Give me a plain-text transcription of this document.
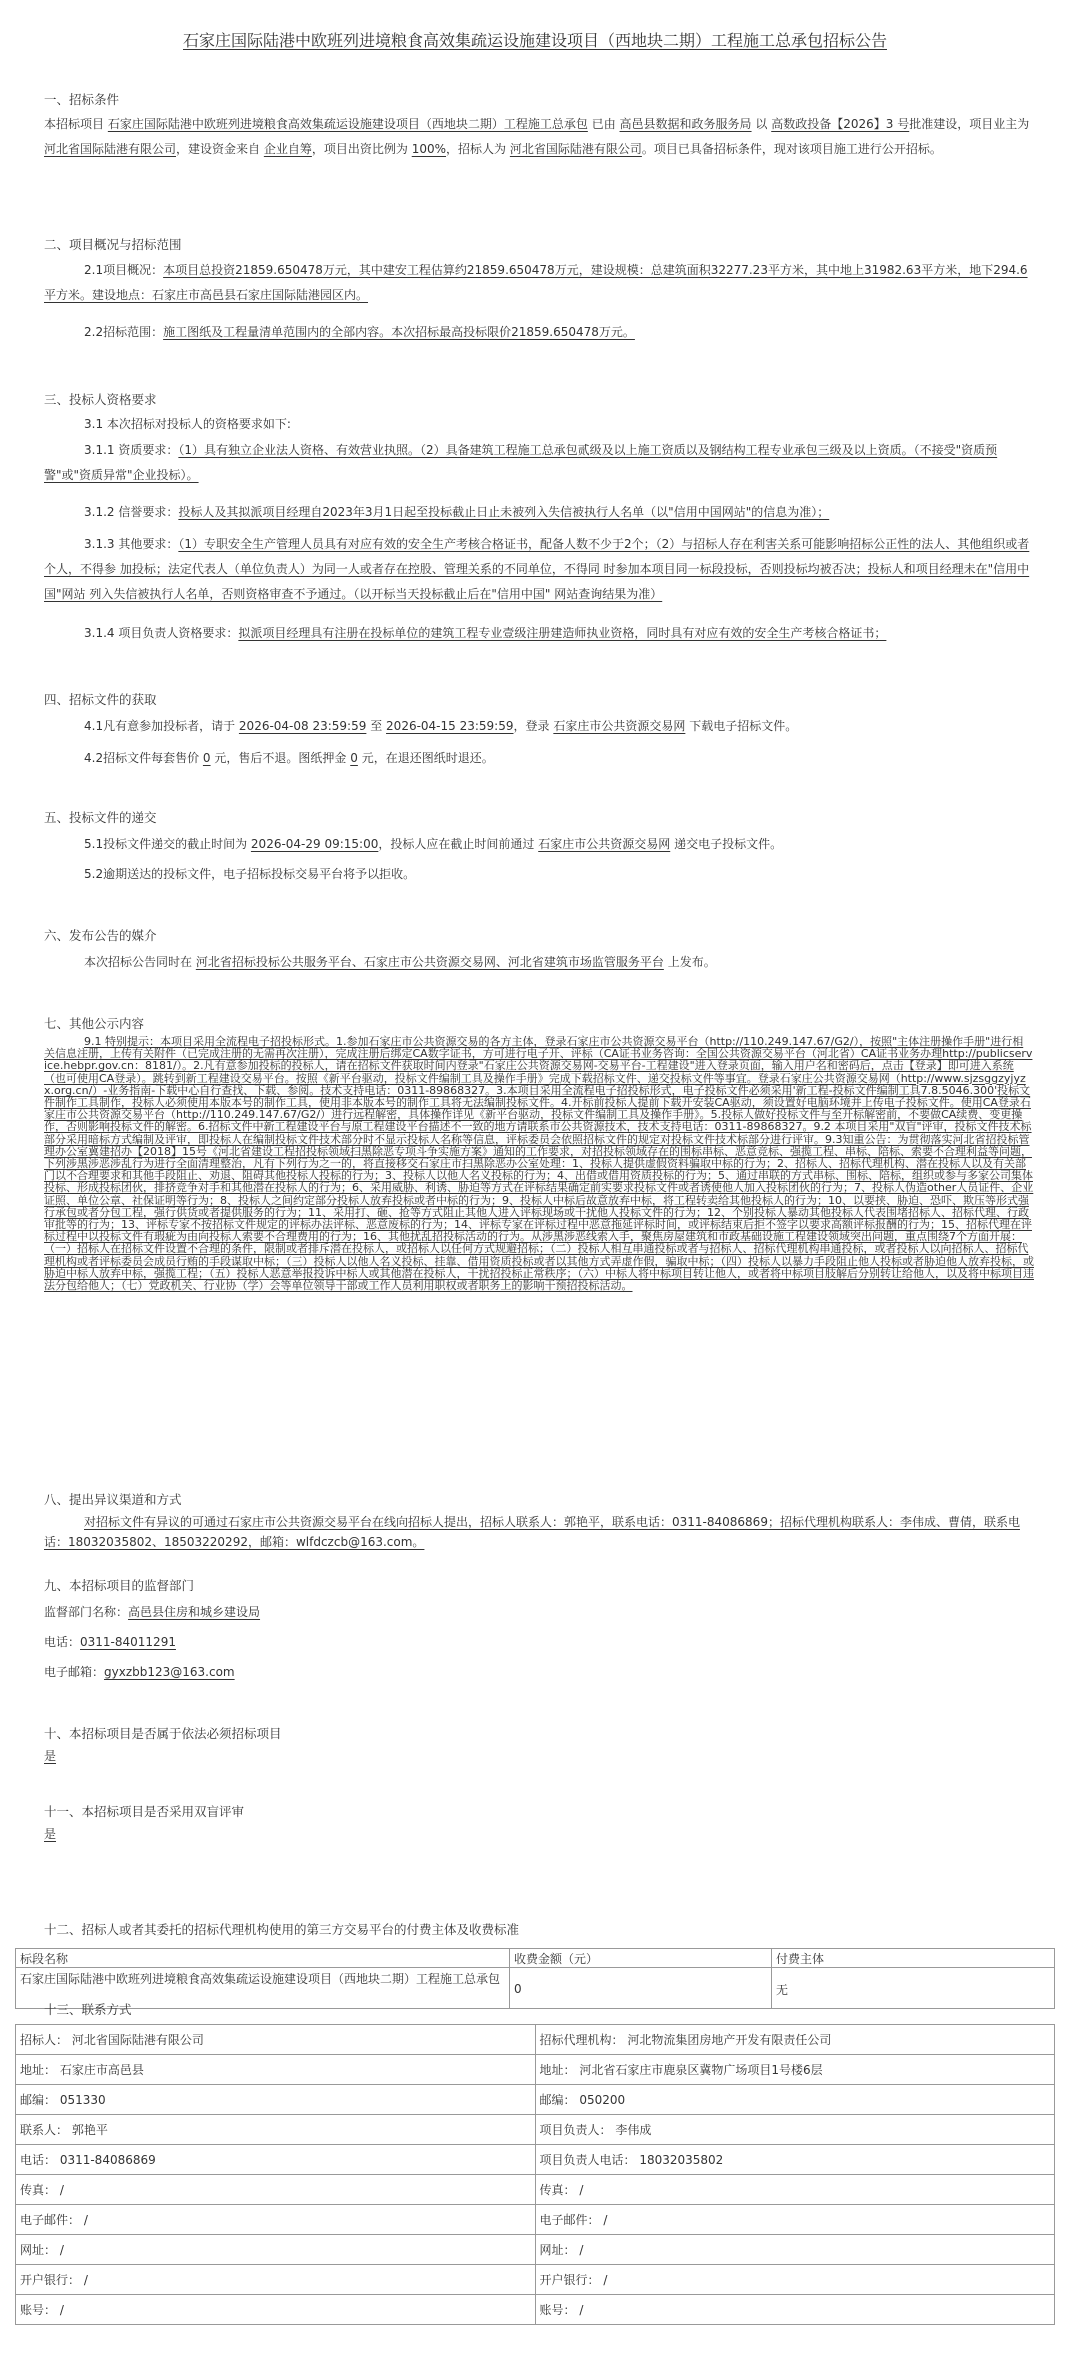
石家庄国际陆港中欧班列进境粮食高效集疏运设施建设项目（西地块二期）工程施工总承包招标公告
一、招标条件
本招标项目 石家庄国际陆港中欧班列进境粮食高效集疏运设施建设项目（西地块二期）工程施工总承包 已由 高邑县数据和政务服务局 以 高数政投备【2026】3 号批准建设，项目业主为 河北省国际陆港有限公司，建设资金来自 企业自筹，项目出资比例为 100%，招标人为 河北省国际陆港有限公司。项目已具备招标条件，现对该项目施工进行公开招标。
二、项目概况与招标范围
2.1项目概况：本项目总投资21859.650478万元，其中建安工程估算约21859.650478万元，建设规模：总建筑面积32277.23平方米，其中地上31982.63平方米，地下294.6平方米。建设地点：石家庄市高邑县石家庄国际陆港园区内。
2.2招标范围：施工图纸及工程量清单范围内的全部内容。本次招标最高投标限价21859.650478万元。
三、投标人资格要求
3.1 本次招标对投标人的资格要求如下:
3.1.1 资质要求：（1）具有独立企业法人资格、有效营业执照。（2）具备建筑工程施工总承包贰级及以上施工资质以及钢结构工程专业承包三级及以上资质。（不接受"资质预警"或"资质异常"企业投标）。
3.1.2 信誉要求：投标人及其拟派项目经理自2023年3月1日起至投标截止日止未被列入失信被执行人名单（以"信用中国网站"的信息为准）；
3.1.3 其他要求：（1）专职安全生产管理人员具有对应有效的安全生产考核合格证书，配备人数不少于2个；（2）与招标人存在利害关系可能影响招标公正性的法人、其他组织或者个人，不得参 加投标；法定代表人（单位负责人）为同一人或者存在控股、管理关系的不同单位，不得同 时参加本项目同一标段投标，否则投标均被否决；投标人和项目经理未在"信用中国"网站 列入失信被执行人名单，否则资格审查不予通过。（以开标当天投标截止后在"信用中国" 网站查询结果为准）
3.1.4 项目负责人资格要求：拟派项目经理具有注册在投标单位的建筑工程专业壹级注册建造师执业资格，同时具有对应有效的安全生产考核合格证书；
四、招标文件的获取
4.1凡有意参加投标者，请于 2026-04-08 23:59:59 至 2026-04-15 23:59:59，登录 石家庄市公共资源交易网 下载电子招标文件。
4.2招标文件每套售价 0 元，售后不退。图纸押金 0 元，在退还图纸时退还。
五、投标文件的递交
5.1投标文件递交的截止时间为 2026-04-29 09:15:00，投标人应在截止时间前通过 石家庄市公共资源交易网 递交电子投标文件。
5.2逾期送达的投标文件，电子招标投标交易平台将予以拒收。
六、发布公告的媒介
本次招标公告同时在 河北省招标投标公共服务平台、石家庄市公共资源交易网、河北省建筑市场监管服务平台 上发布。
七、其他公示内容
9.1 特别提示：本项目采用全流程电子招投标形式。1.参加石家庄市公共资源交易的各方主体，登录石家庄市公共资源交易平台（http://110.249.147.67/G2/），按照"主体注册操作手册"进行相关信息注册，上传有关附件（已完成注册的无需再次注册），完成注册后绑定CA数字证书，方可进行电子开、评标（CA证书业务咨询：全国公共资源交易平台（河北省）CA证书业务办理http://publicservice.hebpr.gov.cn：8181/）。2.凡有意参加投标的投标人，请在招标文件获取时间内登录"石家庄公共资源交易网-交易平台-工程建设"进入登录页面，输入用户名和密码后，点击【登录】即可进入系统（也可使用CA登录）。跳转到新工程建设交易平台。按照《新平台驱动，投标文件编制工具及操作手册》完成下载招标文件、递交投标文件等事宜。登录石家庄公共资源交易网（http://www.sjzsggzyjyzx.org.cn/）-业务指南-下载中心自行查找、下载、参阅。技术支持电话：0311-89868327。3.本项目采用全流程电子招投标形式，电子投标文件必须采用'新工程-投标文件编制工具7.8.5046.300'投标文件制作工具制作，投标人必须使用本版本号的制作工具，使用非本版本号的制作工具将无法编制投标文件。4.开标前投标人提前下载开安装CA驱动，须设置好电脑环境并上传电子投标文件。使用CA登录石家庄市公共资源交易平台（http://110.249.147.67/G2/）进行远程解密，具体操作详见《新平台驱动，投标文件编制工具及操作手册》。5.投标人做好投标文件与至开标解密前，不要做CA续费、变更操作，否则影响投标文件的解密。6.招标文件中新工程建设平台与原工程建设平台描述不一致的地方请联系市公共资源技术，技术支持电话：0311-89868327。9.2 本项目采用"双盲"评审，投标文件技术标部分采用暗标方式编制及评审，即投标人在编制投标文件技术部分时不显示投标人名称等信息，评标委员会依照招标文件的规定对投标文件技术标部分进行评审。9.3知重公告：为贯彻落实河北省招投标管理办公室冀建招办【2018】15号《河北省建设工程招投标领域扫黑除恶专项斗争实施方案》通知的工作要求，对招投标领域存在的围标串标、恶意竞标、强揽工程、串标、陪标、索要不合理利益等问题，下列涉黑涉恶涉乱行为进行全面清理整治，凡有下列行为之一的，将直接移交石家庄市扫黑除恶办公室处理：1、投标人提供虚假资料骗取中标的行为；2、招标人、招标代理机构、潜在投标人以及有关部门以不合理要求和其他手段阻止、劝退、阻碍其他投标人投标的行为；3、投标人以他人名义投标的行为；4、出借或借用资质投标的行为；5、通过串联的方式串标、围标、陪标，组织或参与多家公司集体投标、形成投标团伙，排挤竞争对手和其他潜在投标人的行为；6、采用威胁、利诱、胁迫等方式在评标结果确定前实要求投标文件或者诱使他人加入投标团伙的行为；7、投标人伪造other人员证件、企业证照、单位公章、社保证明等行为；8、投标人之间约定部分投标人放弃投标或者中标的行为；9、投标人中标后故意放弃中标，将工程转卖给其他投标人的行为；10、以要挟、胁迫、恐吓、欺压等形式强行承包或者分包工程，强行供货或者提供服务的行为；11、采用打、砸、抢等方式阻止其他人进入评标现场或干扰他人投标文件的行为；12、个别投标人暴动其他投标人代表围堵招标人、招标代理、行政审批等的行为；13、评标专家不按招标文件规定的评标办法评标、恶意废标的行为；14、评标专家在评标过程中恶意拖延评标时间，或评标结束后拒不签字以要求高额评标报酬的行为；15、招标代理在评标过程中以投标文件有瑕疵为由向投标人索要不合理费用的行为；16、其他扰乱招投标活动的行为。从涉黑涉恶线索入手，聚焦房屋建筑和市政基础设施工程建设领域突出问题，重点围绕7个方面开展：（一）招标人在招标文件设置不合理的条件，限制或者排斥潜在投标人，或招标人以任何方式规避招标；（二）投标人相互串通投标或者与招标人、招标代理机构串通投标，或者投标人以向招标人、招标代理机构或者评标委员会成员行贿的手段谋取中标；（三）投标人以他人名义投标、挂靠、借用资质投标或者以其他方式弄虚作假，骗取中标；（四）投标人以暴力手段阻止他人投标或者胁迫他人放弃投标，或胁迫中标人放弃中标，强揽工程；（五）投标人恶意举报投诉中标人或其他潜在投标人，干扰招投标正常秩序；（六）中标人将中标项目转让他人，或者将中标项目肢解后分别转让给他人，以及将中标项目违法分包给他人；（七）党政机关、行业协（学）会等单位领导干部或工作人员利用职权或者职务上的影响干预招投标活动。
八、提出异议渠道和方式
对招标文件有异议的可通过石家庄市公共资源交易平台在线向招标人提出，招标人联系人：郭艳平，联系电话：0311-84086869；招标代理机构联系人：李伟成、曹倩，联系电话：18032035802、18503220292，邮箱：wlfdczcb@163.com。
九、本招标项目的监督部门
监督部门名称：高邑县住房和城乡建设局
电话：0311-84011291
电子邮箱：gyxzbb123@163.com
十、本招标项目是否属于依法必须招标项目
是
十一、本招标项目是否采用双盲评审
是
十二、招标人或者其委托的招标代理机构使用的第三方交易平台的付费主体及收费标准
标段名称	收费金额（元）	付费主体
石家庄国际陆港中欧班列进境粮食高效集疏运设施建设项目（西地块二期）工程施工总承包	0	无
十三、联系方式
招标人： 河北省国际陆港有限公司	招标代理机构： 河北物流集团房地产开发有限责任公司
地址： 石家庄市高邑县	地址： 河北省石家庄市鹿泉区冀物广场项目1号楼6层
邮编： 051330	邮编： 050200
联系人： 郭艳平	项目负责人： 李伟成
电话： 0311-84086869	项目负责人电话： 18032035802
传真： /	传真： /
电子邮件： /	电子邮件： /
网址： /	网址： /
开户银行： /	开户银行： /
账号： /	账号： /
